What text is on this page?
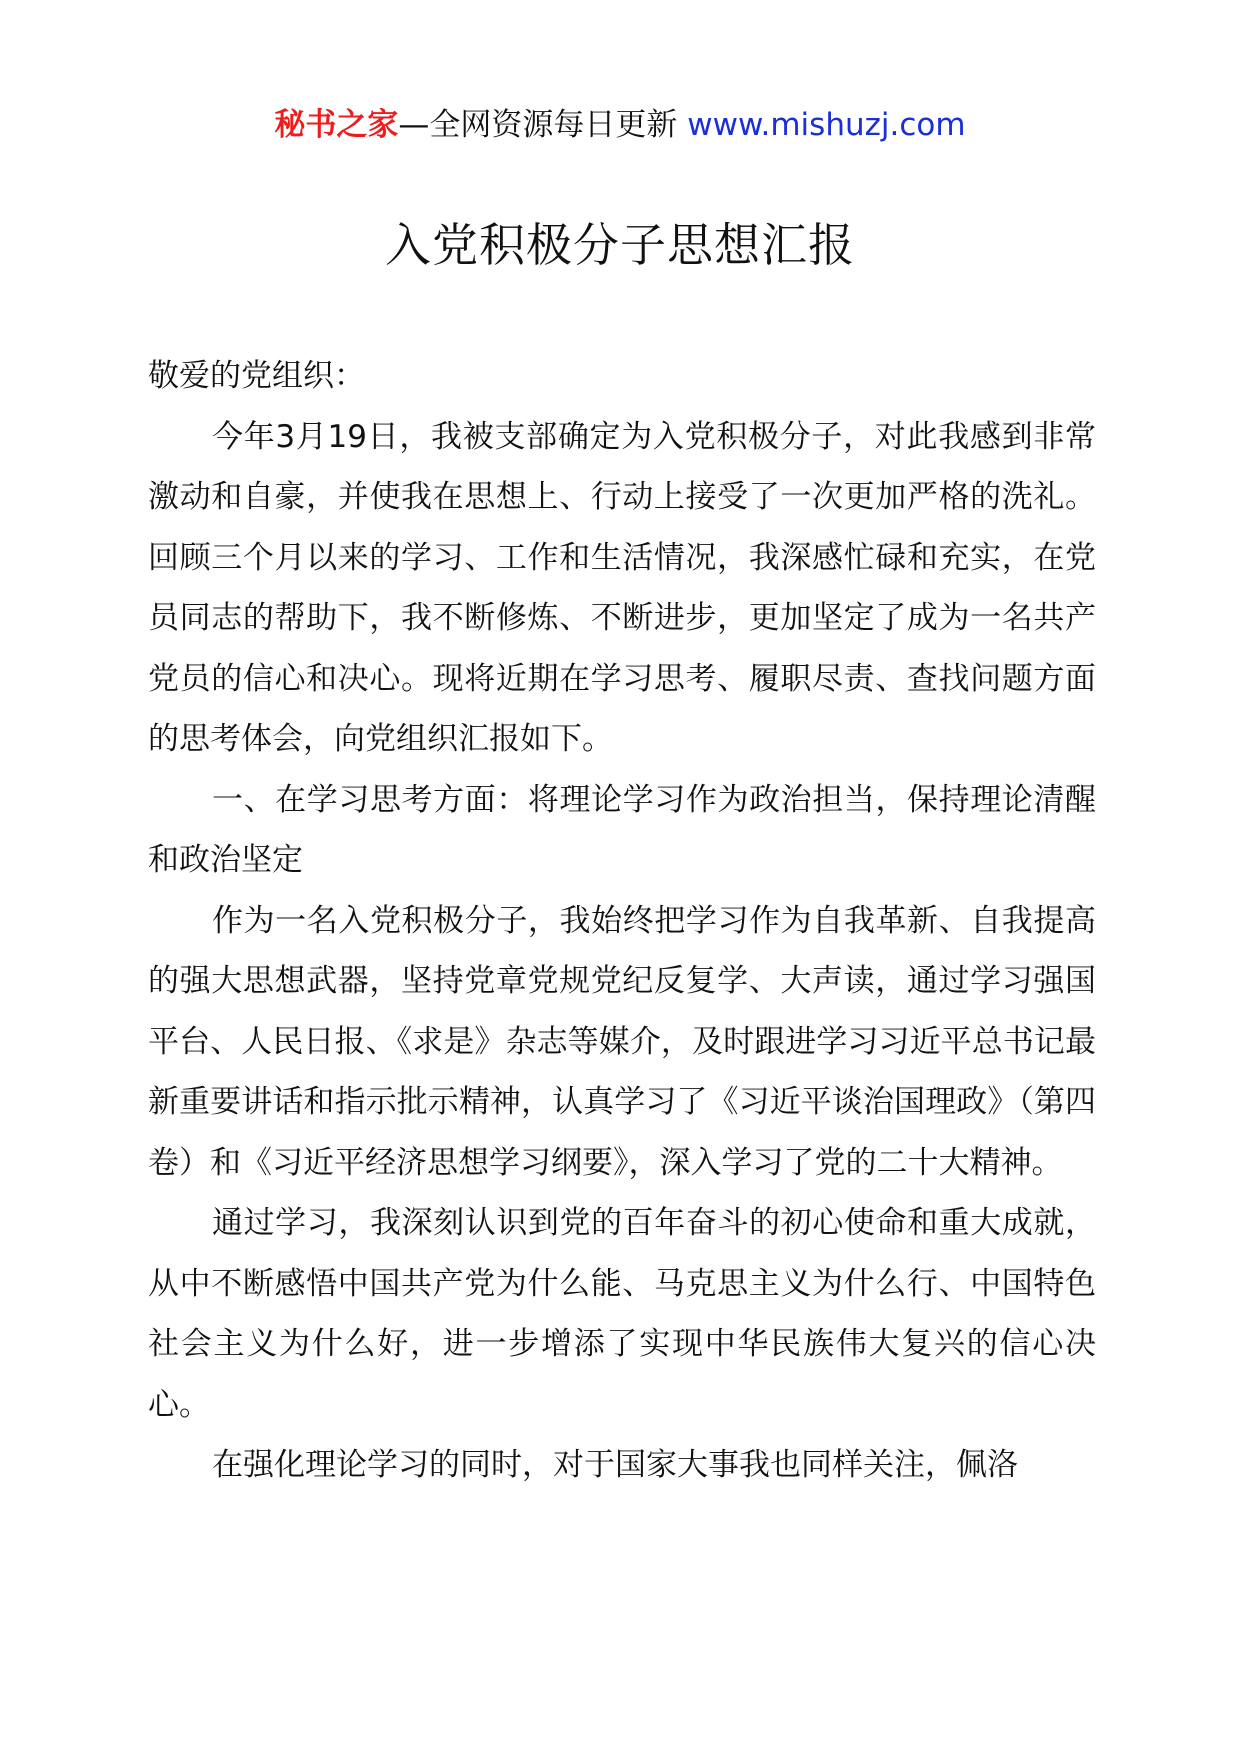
秘书之家—全网资源每日更新 www.mishuzj.com
入党积极分子思想汇报

敬爱的党组织：

今年3月19日，我被支部确定为入党积极分子，对此我感到非常激动和自豪，并使我在思想上、行动上接受了一次更加严格的洗礼。回顾三个月以来的学习、工作和生活情况，我深感忙碌和充实，在党员同志的帮助下，我不断修炼、不断进步，更加坚定了成为一名共产党员的信心和决心。现将近期在学习思考、履职尽责、查找问题方面的思考体会，向党组织汇报如下。

一、在学习思考方面：将理论学习作为政治担当，保持理论清醒和政治坚定

作为一名入党积极分子，我始终把学习作为自我革新、自我提高的强大思想武器，坚持党章党规党纪反复学、大声读，通过学习强国平台、人民日报、《求是》杂志等媒介，及时跟进学习习近平总书记最新重要讲话和指示批示精神，认真学习了《习近平谈治国理政》（第四卷）和《习近平经济思想学习纲要》，深入学习了党的二十大精神。

通过学习，我深刻认识到党的百年奋斗的初心使命和重大成就，从中不断感悟中国共产党为什么能、马克思主义为什么行、中国特色社会主义为什么好，进一步增添了实现中华民族伟大复兴的信心决心。

在强化理论学习的同时，对于国家大事我也同样关注，佩洛
